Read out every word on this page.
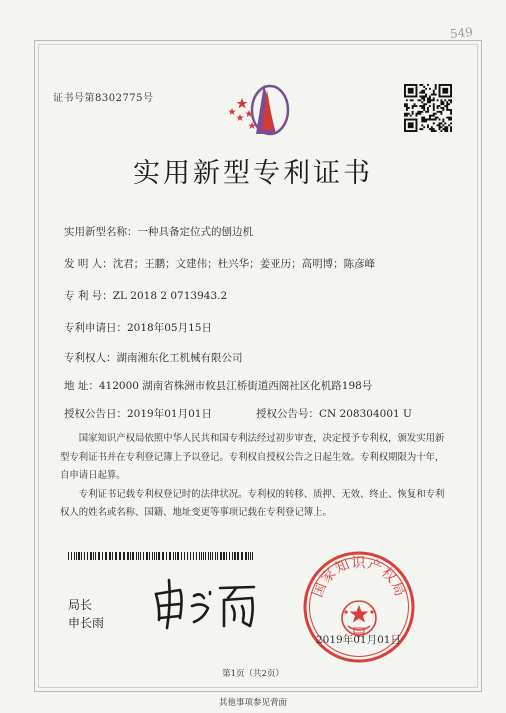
549
证书号第8302775号
实用新型专利证书
实用新型名称：一种具备定位式的刨边机
发 明 人：沈君；王鹏；文建伟；杜兴华；姜亚历；高明博；陈彦峰
专 利 号：ZL 2018 2 0713943.2
专利申请日：2018年05月15日
专利权人：湖南湘东化工机械有限公司
地 址：412000 湖南省株洲市攸县江桥街道西阁社区化机路198号
授权公告日：2019年01月01日	授权公告号：CN 208304001 U

国家知识产权局依照中华人民共和国专利法经过初步审查，决定授予专利权，颁发实用新型专利证书并在专利登记簿上予以登记。专利权自授权公告之日起生效。专利权期限为十年，自申请日起算。

专利证书记载专利权登记时的法律状况。专利权的转移、质押、无效、终止、恢复和专利权人的姓名或名称、国籍、地址变更等事项记载在专利登记簿上。

局长
申长雨
国家知识产权局
2019年01月01日
第1页（共2页）
其他事项参见背面
